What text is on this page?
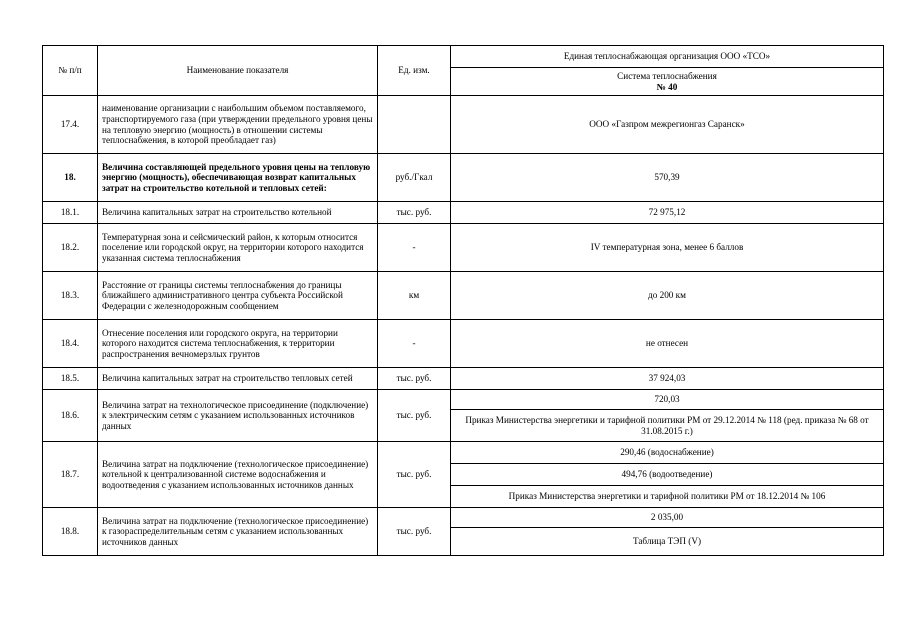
№ п/п	Наименование показателя	Ед. изм.	Единая теплоснабжающая организация ООО «ТСО»

			Система теплоснабжения
№ 40

17.4.	наименование организации с наибольшим объемом поставляемого, транспортируемого газа (при утверждении предельного уровня цены на тепловую энергию (мощность) в отношении системы теплоснабжения, в которой преобладает газ)		ООО «Газпром межрегионгаз Саранск»
18.	Величина составляющей предельного уровня цены на тепловую энергию (мощность), обеспечивающая возврат капитальных затрат на строительство котельной и тепловых сетей:	руб./Гкал	570,39
18.1.	Величина капитальных затрат на строительство котельной	тыс. руб.	72 975,12
18.2.	Температурная зона и сейсмический район, к которым относится поселение или городской округ, на территории которого находится указанная система теплоснабжения	-	IV температурная зона, менее 6 баллов
18.3.	Расстояние от границы системы теплоснабжения до границы ближайшего административного центра субъекта Российской Федерации с железнодорожным сообщением	км	до 200 км
18.4.	Отнесение поселения или городского округа, на территории которого находится система теплоснабжения, к территории распространения вечномерзлых грунтов	-	не отнесен
18.5.	Величина капитальных затрат на строительство тепловых сетей	тыс. руб.	37 924,03
18.6.	Величина затрат на технологическое присоединение (подключение) к электрическим сетям с указанием использованных источников данных	тыс. руб.	720,03
			Приказ Министерства энергетики и тарифной политики РМ от 29.12.2014 № 118 (ред. приказа № 68 от 31.08.2015 г.)
18.7.	Величина затрат на подключение (технологическое присоединение) котельной к централизованной системе водоснабжения и водоотведения с указанием использованных источников данных	тыс. руб.	290,46 (водоснабжение)
			494,76 (водоотведение)
			Приказ Министерства энергетики и тарифной политики РМ от 18.12.2014 № 106
18.8.	Величина затрат на подключение (технологическое присоединение) к газораспределительным сетям с указанием использованных источников данных	тыс. руб.	2 035,00
			Таблица ТЭП (V)
